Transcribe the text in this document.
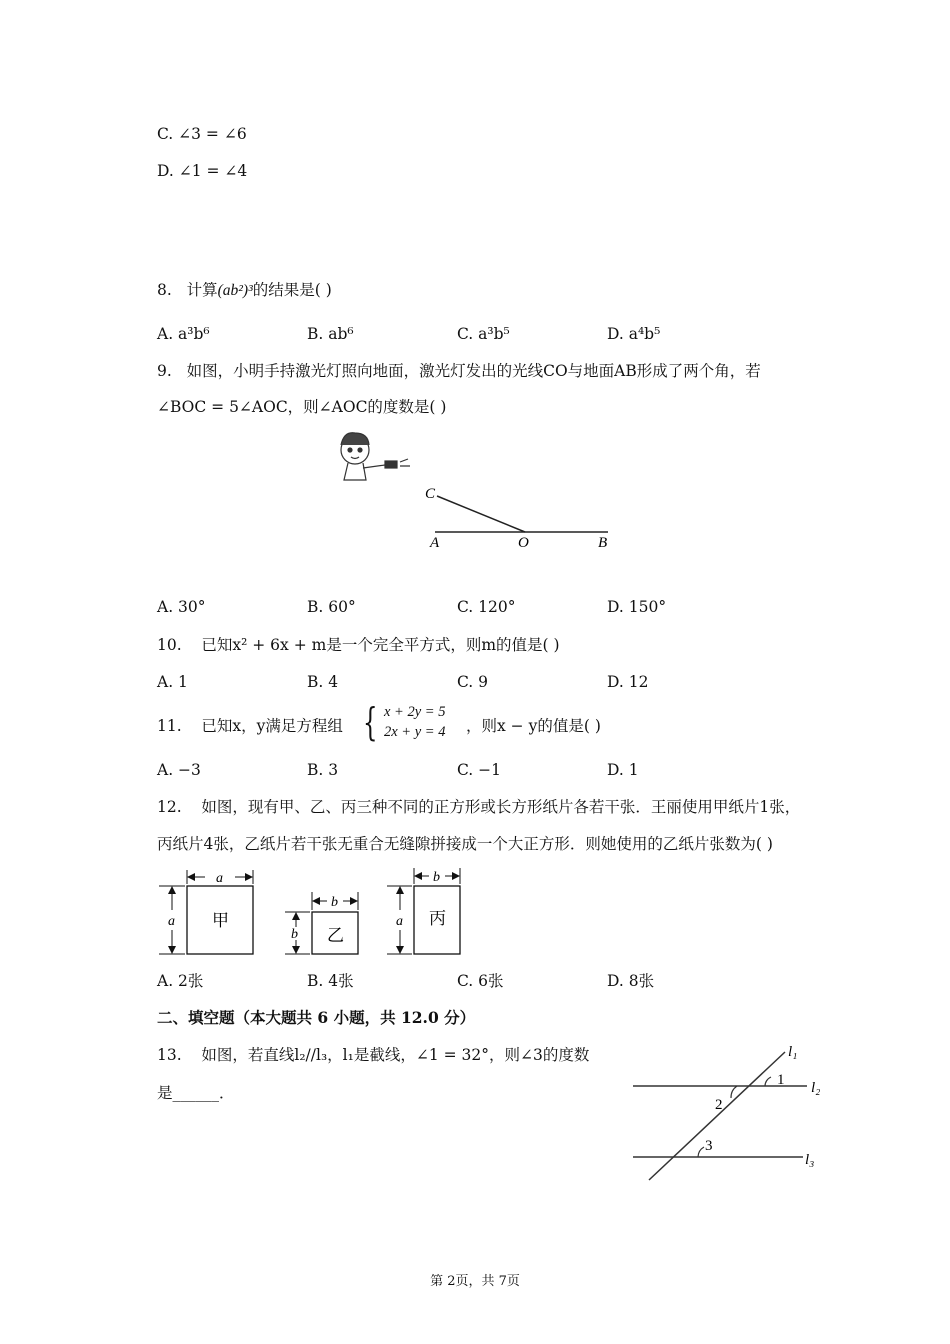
C. ∠3 = ∠6
D. ∠1 = ∠4
8. 计算(ab²)³的结果是( )
A. a³b⁶	B. ab⁶	C. a³b⁵	D. a⁴b⁵
9. 如图，小明手持激光灯照向地面，激光灯发出的光线CO与地面AB形成了两个角，若
∠BOC = 5∠AOC，则∠AOC的度数是( )
C
A	O	B
A. 30°	B. 60°	C. 120°	D. 150°
10. 已知x² + 6x + m是一个完全平方式，则m的值是( )
A. 1	B. 4	C. 9	D. 12
11. 已知x，y满足方程组 { x + 2y = 5
2x + y = 4 ，则x − y的值是( )
A. −3	B. 3	C. −1	D. 1
12. 如图，现有甲、乙、丙三种不同的正方形或长方形纸片各若干张．王丽使用甲纸片1张，
丙纸片4张，乙纸片若干张无重合无缝隙拼接成一个大正方形．则她使用的乙纸片张数为( )
a
a 甲
b
b 乙
b
a 丙
A. 2张	B. 4张	C. 6张	D. 8张
二、填空题（本大题共 6 小题，共 12.0 分）
13. 如图，若直线l₂//l₃，l₁是截线，∠1 = 32°，则∠3的度数
是______．
l₁
l₂
l₃
1
2
3
第 2页，共 7页
